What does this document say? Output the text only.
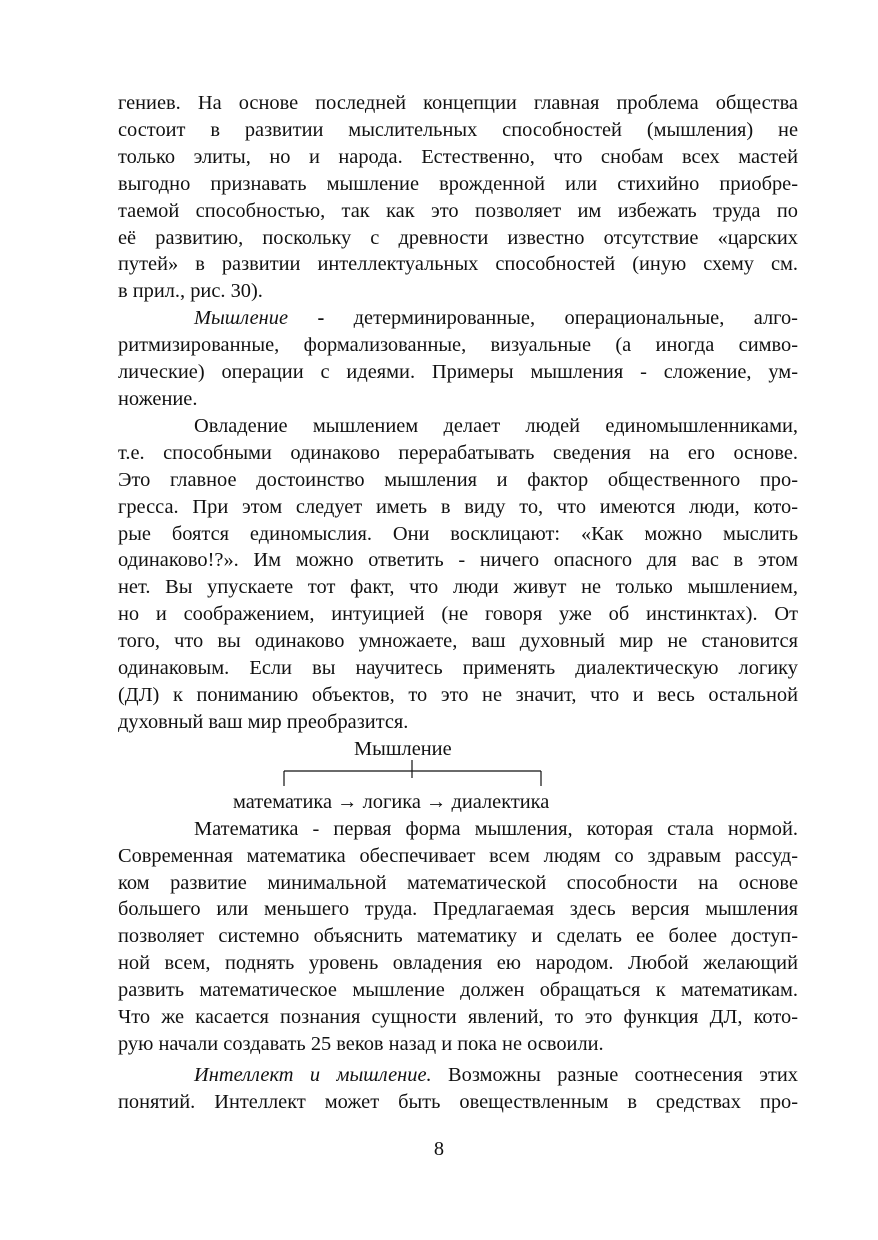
гениев. На основе последней концепции главная проблема общества
состоит в развитии мыслительных способностей (мышления) не
только элиты, но и народа. Естественно, что снобам всех мастей
выгодно признавать мышление врожденной или стихийно приобре-
таемой способностью, так как это позволяет им избежать труда по
её развитию, поскольку с древности известно отсутствие «царских
путей» в развитии интеллектуальных способностей (иную схему см.
в прил., рис. 30).
Мышление - детерминированные, операциональные, алго-
ритмизированные, формализованные, визуальные (а иногда симво-
лические) операции с идеями. Примеры мышления - сложение, ум-
ножение.
Овладение мышлением делает людей единомышленниками,
т.е. способными одинаково перерабатывать сведения на его основе.
Это главное достоинство мышления и фактор общественного про-
гресса. При этом следует иметь в виду то, что имеются люди, кото-
рые боятся единомыслия. Они восклицают: «Как можно мыслить
одинаково!?». Им можно ответить - ничего опасного для вас в этом
нет. Вы упускаете тот факт, что люди живут не только мышлением,
но и соображением, интуицией (не говоря уже об инстинктах). От
того, что вы одинаково умножаете, ваш духовный мир не становится
одинаковым. Если вы научитесь применять диалектическую логику
(ДЛ) к пониманию объектов, то это не значит, что и весь остальной
духовный ваш мир преобразится.
Мышление
математика → логика → диалектика
Математика - первая форма мышления, которая стала нормой.
Современная математика обеспечивает всем людям со здравым рассуд-
ком развитие минимальной математической способности на основе
большего или меньшего труда. Предлагаемая здесь версия мышления
позволяет системно объяснить математику и сделать ее более доступ-
ной всем, поднять уровень овладения ею народом. Любой желающий
развить математическое мышление должен обращаться к математикам.
Что же касается познания сущности явлений, то это функция ДЛ, кото-
рую начали создавать 25 веков назад и пока не освоили.
Интеллект и мышление. Возможны разные соотнесения этих
понятий. Интеллект может быть овеществленным в средствах про-
8
